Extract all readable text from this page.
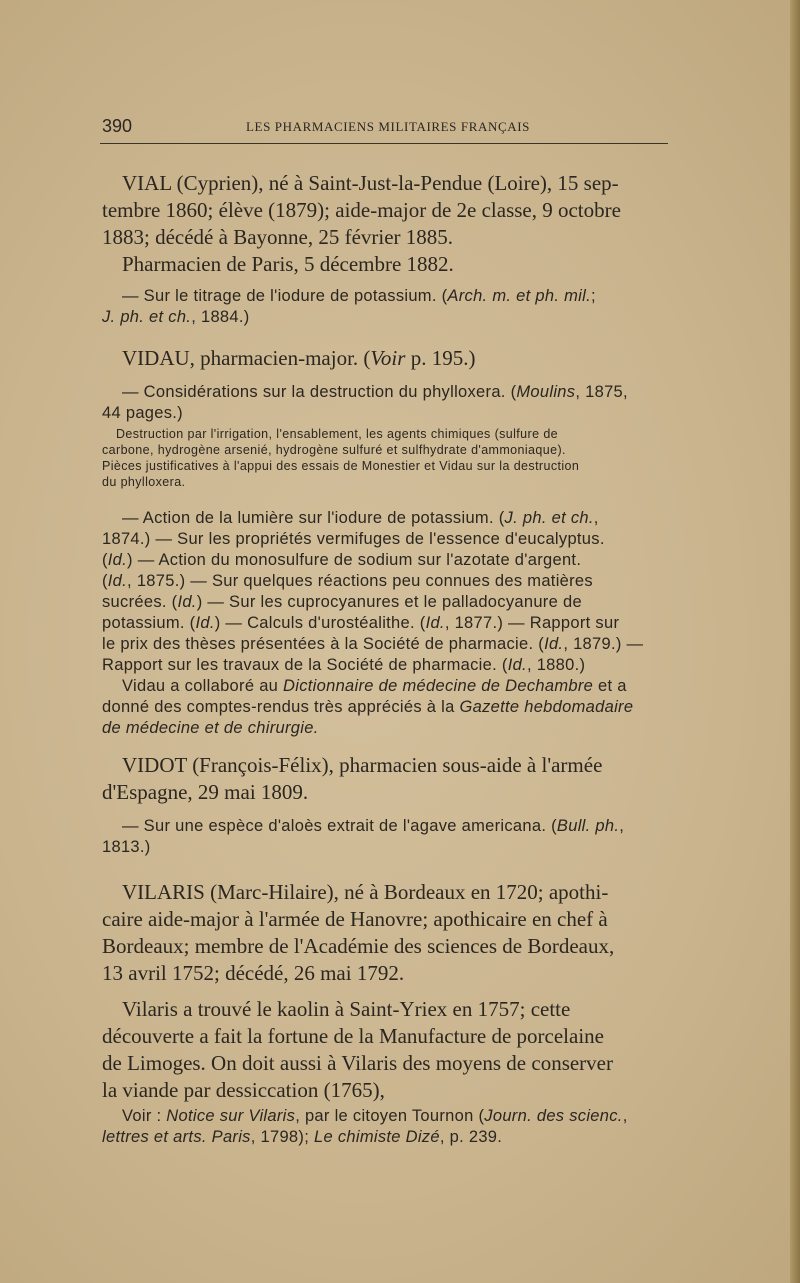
390	LES PHARMACIENS MILITAIRES FRANÇAIS
VIAL (Cyprien), né à Saint-Just-la-Pendue (Loire), 15 sep-
tembre 1860; élève (1879); aide-major de 2e classe, 9 octobre
1883; décédé à Bayonne, 25 février 1885.
Pharmacien de Paris, 5 décembre 1882.
— Sur le titrage de l'iodure de potassium. (Arch. m. et ph. mil.;
J. ph. et ch., 1884.)
VIDAU, pharmacien-major. (Voir p. 195.)
— Considérations sur la destruction du phylloxera. (Moulins, 1875,
44 pages.)
Destruction par l'irrigation, l'ensablement, les agents chimiques (sulfure de
carbone, hydrogène arsenié, hydrogène sulfuré et sulfhydrate d'ammoniaque).
Pièces justificatives à l'appui des essais de Monestier et Vidau sur la destruction
du phylloxera.
— Action de la lumière sur l'iodure de potassium. (J. ph. et ch.,
1874.) — Sur les propriétés vermifuges de l'essence d'eucalyptus.
(Id.) — Action du monosulfure de sodium sur l'azotate d'argent.
(Id., 1875.) — Sur quelques réactions peu connues des matières
sucrées. (Id.) — Sur les cuprocyanures et le palladocyanure de
potassium. (Id.) — Calculs d'urostéalithe. (Id., 1877.) — Rapport sur
le prix des thèses présentées à la Société de pharmacie. (Id., 1879.) —
Rapport sur les travaux de la Société de pharmacie. (Id., 1880.)
Vidau a collaboré au Dictionnaire de médecine de Dechambre et a
donné des comptes-rendus très appréciés à la Gazette hebdomadaire
de médecine et de chirurgie.
VIDOT (François-Félix), pharmacien sous-aide à l'armée
d'Espagne, 29 mai 1809.
— Sur une espèce d'aloès extrait de l'agave americana. (Bull. ph.,
1813.)
VILARIS (Marc-Hilaire), né à Bordeaux en 1720; apothi-
caire aide-major à l'armée de Hanovre; apothicaire en chef à
Bordeaux; membre de l'Académie des sciences de Bordeaux,
13 avril 1752; décédé, 26 mai 1792.
Vilaris a trouvé le kaolin à Saint-Yriex en 1757; cette
découverte a fait la fortune de la Manufacture de porcelaine
de Limoges. On doit aussi à Vilaris des moyens de conserver
la viande par dessiccation (1765),
Voir : Notice sur Vilaris, par le citoyen Tournon (Journ. des scienc.,
lettres et arts. Paris, 1798); Le chimiste Dizé, p. 239.
